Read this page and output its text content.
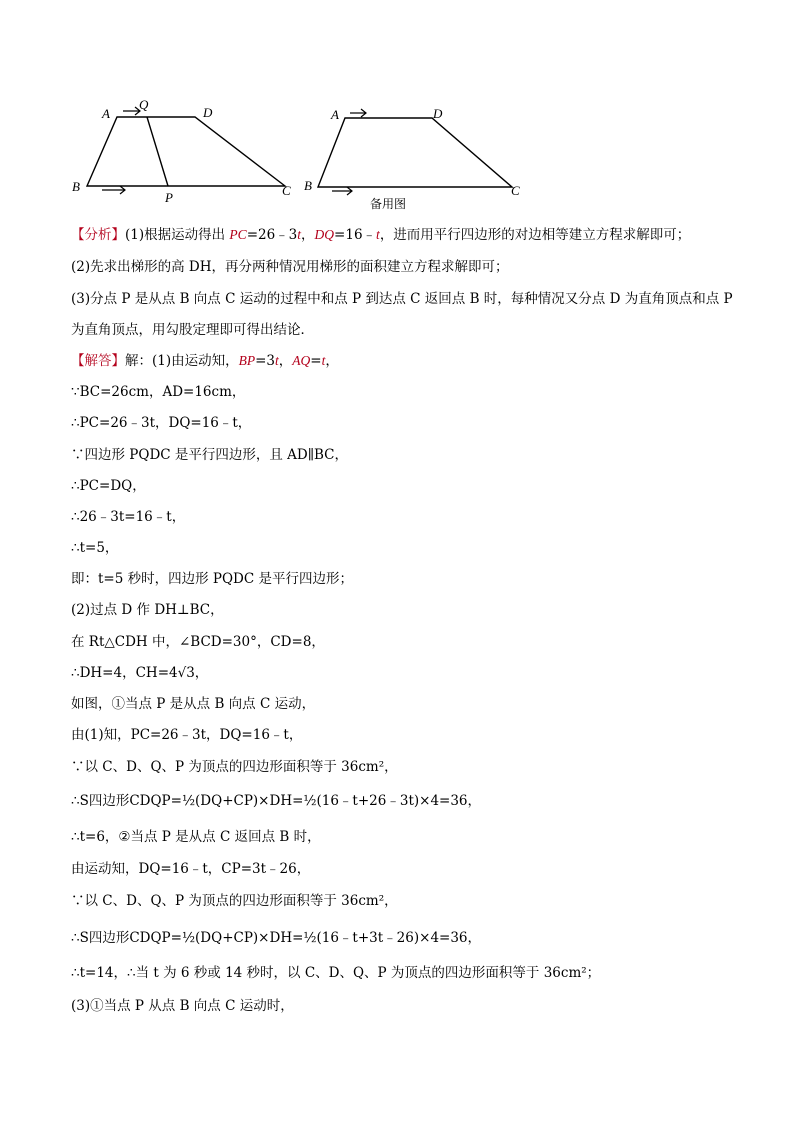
A
Q
D
B
P	C
A	D
B	C
备用图
【分析】(1)根据运动得出 PC=26﹣3t，DQ=16﹣t，进而用平行四边形的对边相等建立方程求解即可；
(2)先求出梯形的高 DH，再分两种情况用梯形的面积建立方程求解即可；
(3)分点 P 是从点 B 向点 C 运动的过程中和点 P 到达点 C 返回点 B 时，每种情况又分点 D 为直角顶点和点 P
为直角顶点，用勾股定理即可得出结论．
【解答】解：(1)由运动知，BP=3t，AQ=t，
∵BC=26cm，AD=16cm，
∴PC=26﹣3t，DQ=16﹣t，
∵四边形 PQDC 是平行四边形，且 AD∥BC，
∴PC=DQ，
∴26﹣3t=16﹣t，
∴t=5，
即：t=5 秒时，四边形 PQDC 是平行四边形；
(2)过点 D 作 DH⊥BC，
在 Rt△CDH 中，∠BCD=30°，CD=8，
∴DH=4，CH=4√3，
如图，①当点 P 是从点 B 向点 C 运动，
由(1)知，PC=26﹣3t，DQ=16﹣t，
∵以 C、D、Q、P 为顶点的四边形面积等于 36cm²，
∴S四边形CDQP=½(DQ+CP)×DH=½(16﹣t+26﹣3t)×4=36，
∴t=6，②当点 P 是从点 C 返回点 B 时，
由运动知，DQ=16﹣t，CP=3t﹣26，
∵以 C、D、Q、P 为顶点的四边形面积等于 36cm²，
∴S四边形CDQP=½(DQ+CP)×DH=½(16﹣t+3t﹣26)×4=36，
∴t=14，∴当 t 为 6 秒或 14 秒时，以 C、D、Q、P 为顶点的四边形面积等于 36cm²；
(3)①当点 P 从点 B 向点 C 运动时，
